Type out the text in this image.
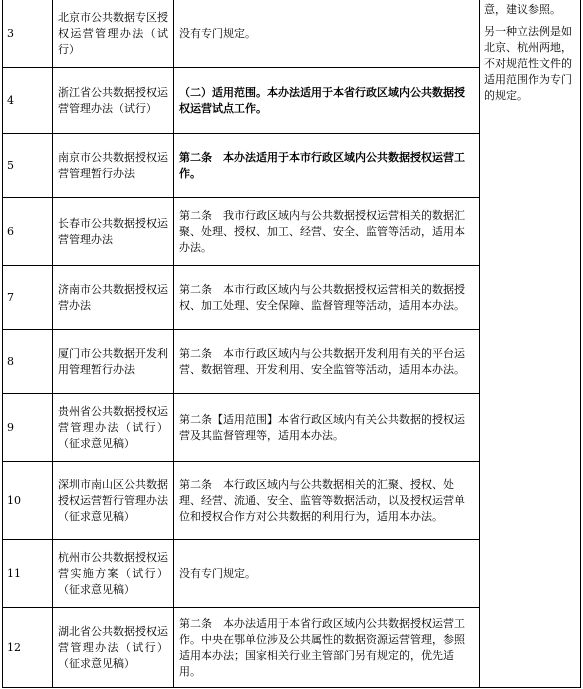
3	北京市公共数据专区授权运营管理办法（试行）	没有专门规定。	意，建议参照。

另一种立法例是如北京、杭州两地，不对规范性文件的适用范围作为专门的规定。

4	浙江省公共数据授权运营管理办法（试行）	（二）适用范围。本办法适用于本省行政区域内公共数据授权运营试点工作。	
5	南京市公共数据授权运营管理暂行办法	第二条　本办法适用于本市行政区域内公共数据授权运营工作。	
6	长春市公共数据授权运营管理办法	第二条　我市行政区域内与公共数据授权运营相关的数据汇聚、处理、授权、加工、经营、安全、监管等活动，适用本办法。	
7	济南市公共数据授权运营办法	第二条　本市行政区域内与公共数据授权运营相关的数据授权、加工处理、安全保障、监督管理等活动，适用本办法。	
8	厦门市公共数据开发利用管理暂行办法	第二条　本市行政区域内与公共数据开发利用有关的平台运营、数据管理、开发利用、安全监管等活动，适用本办法。	
9	贵州省公共数据授权运营管理办法（试行）（征求意见稿）	第二条【适用范围】本省行政区域内有关公共数据的授权运营及其监督管理等，适用本办法。	
10	深圳市南山区公共数据授权运营暂行管理办法（征求意见稿）	第二条　本行政区域内与公共数据相关的汇聚、授权、处理、经营、流通、安全、监管等数据活动，以及授权运营单位和授权合作方对公共数据的利用行为，适用本办法。	
11	杭州市公共数据授权运营实施方案（试行）（征求意见稿）	没有专门规定。	
12	湖北省公共数据授权运营管理办法（试行）（征求意见稿）	第二条　本办法适用于本省行政区域内公共数据授权运营工作。中央在鄂单位涉及公共属性的数据资源运营管理，参照适用本办法；国家相关行业主管部门另有规定的，优先适用。	
